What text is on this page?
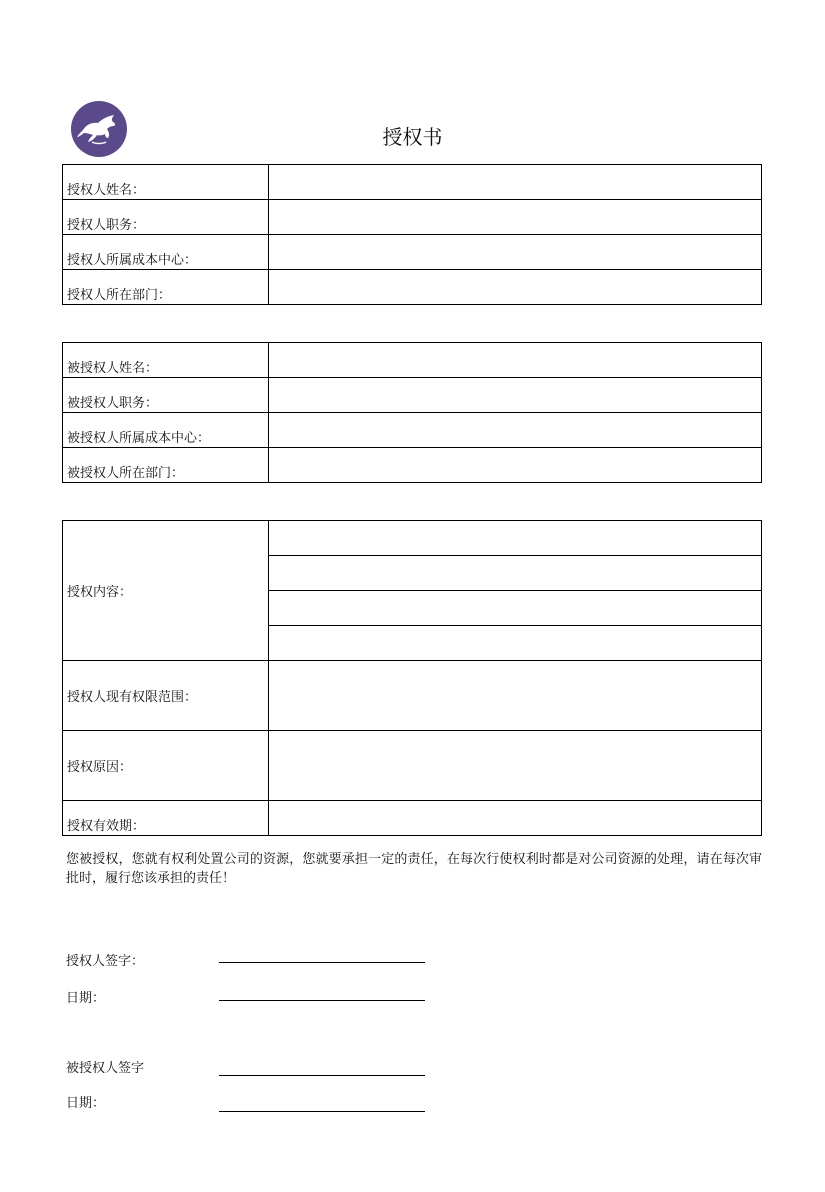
授权书
授权人姓名：	
授权人职务：	
授权人所属成本中心：	
授权人所在部门：	
被授权人姓名：	
被授权人职务：	
被授权人所属成本中心：	
被授权人所在部门：	
授权内容：	

授权人现有权限范围：	
授权原因：	
授权有效期：	
您被授权，您就有权利处置公司的资源，您就要承担一定的责任，在每次行使权利时都是对公司资源的处理，请在每次审批时，履行您该承担的责任！
授权人签字：
日期：
被授权人签字
日期：
